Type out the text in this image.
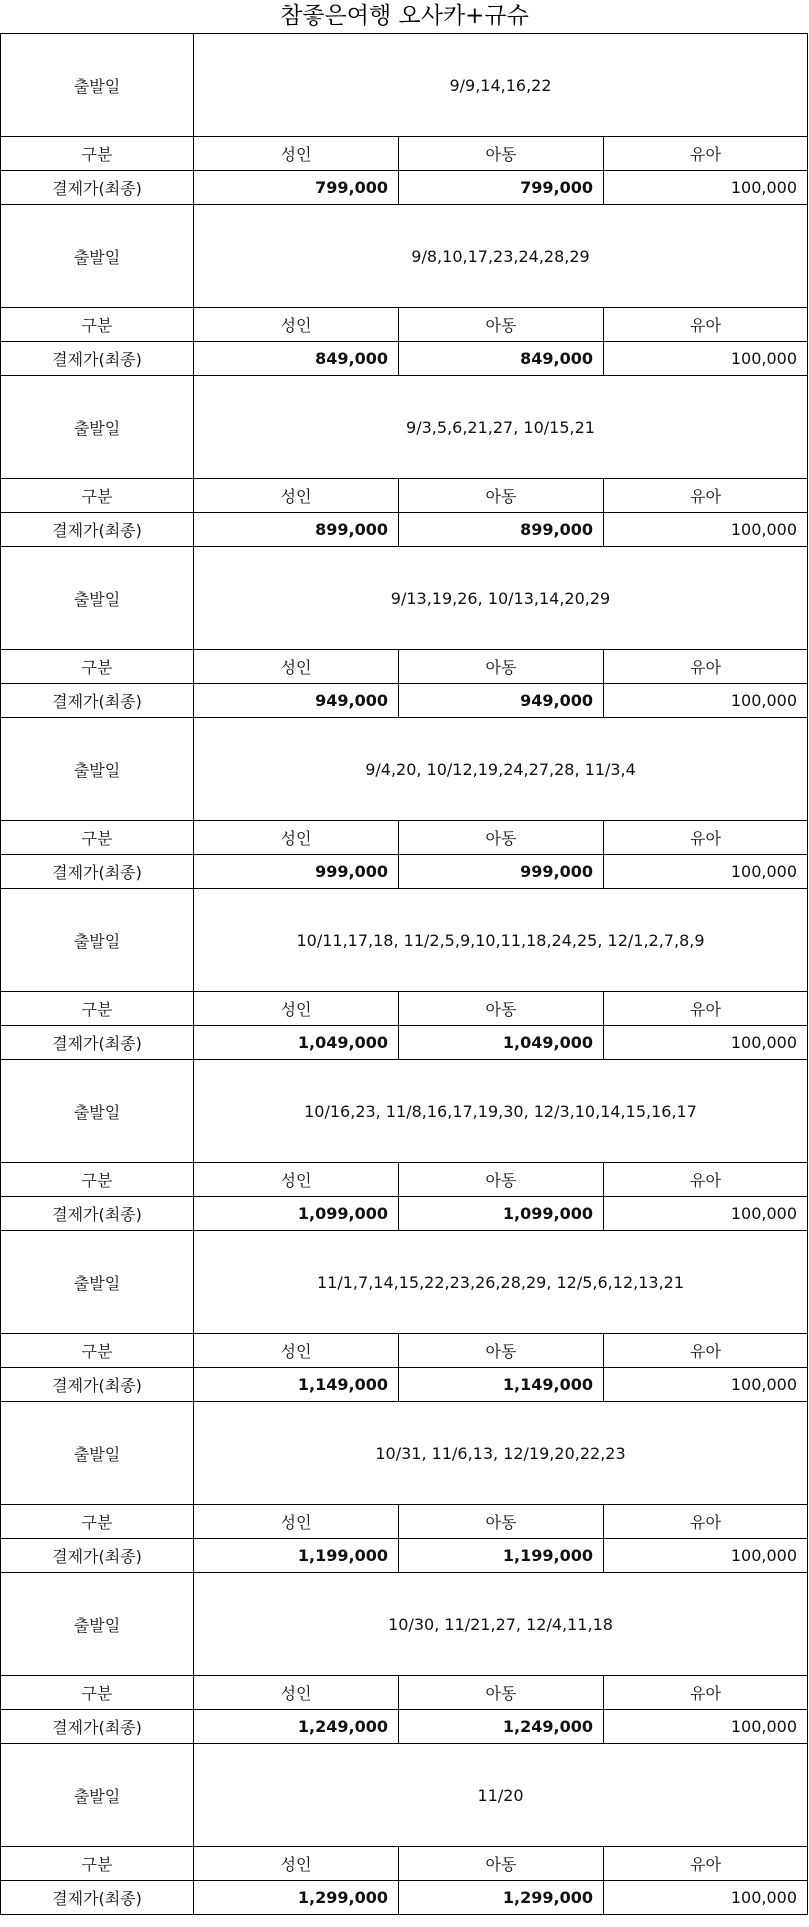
참좋은여행 오사카+규슈
출발일	9/9,14,16,22		
구분	성인	아동	유아
결제가(최종)	799,000	799,000	100,000
출발일	9/8,10,17,23,24,28,29		
구분	성인	아동	유아
결제가(최종)	849,000	849,000	100,000
출발일	9/3,5,6,21,27, 10/15,21		
구분	성인	아동	유아
결제가(최종)	899,000	899,000	100,000
출발일	9/13,19,26, 10/13,14,20,29		
구분	성인	아동	유아
결제가(최종)	949,000	949,000	100,000
출발일	9/4,20, 10/12,19,24,27,28, 11/3,4		
구분	성인	아동	유아
결제가(최종)	999,000	999,000	100,000
출발일	10/11,17,18, 11/2,5,9,10,11,18,24,25, 12/1,2,7,8,9		
구분	성인	아동	유아
결제가(최종)	1,049,000	1,049,000	100,000
출발일	10/16,23, 11/8,16,17,19,30, 12/3,10,14,15,16,17		
구분	성인	아동	유아
결제가(최종)	1,099,000	1,099,000	100,000
출발일	11/1,7,14,15,22,23,26,28,29, 12/5,6,12,13,21		
구분	성인	아동	유아
결제가(최종)	1,149,000	1,149,000	100,000
출발일	10/31, 11/6,13, 12/19,20,22,23		
구분	성인	아동	유아
결제가(최종)	1,199,000	1,199,000	100,000
출발일	10/30, 11/21,27, 12/4,11,18		
구분	성인	아동	유아
결제가(최종)	1,249,000	1,249,000	100,000
출발일	11/20		
구분	성인	아동	유아
결제가(최종)	1,299,000	1,299,000	100,000
